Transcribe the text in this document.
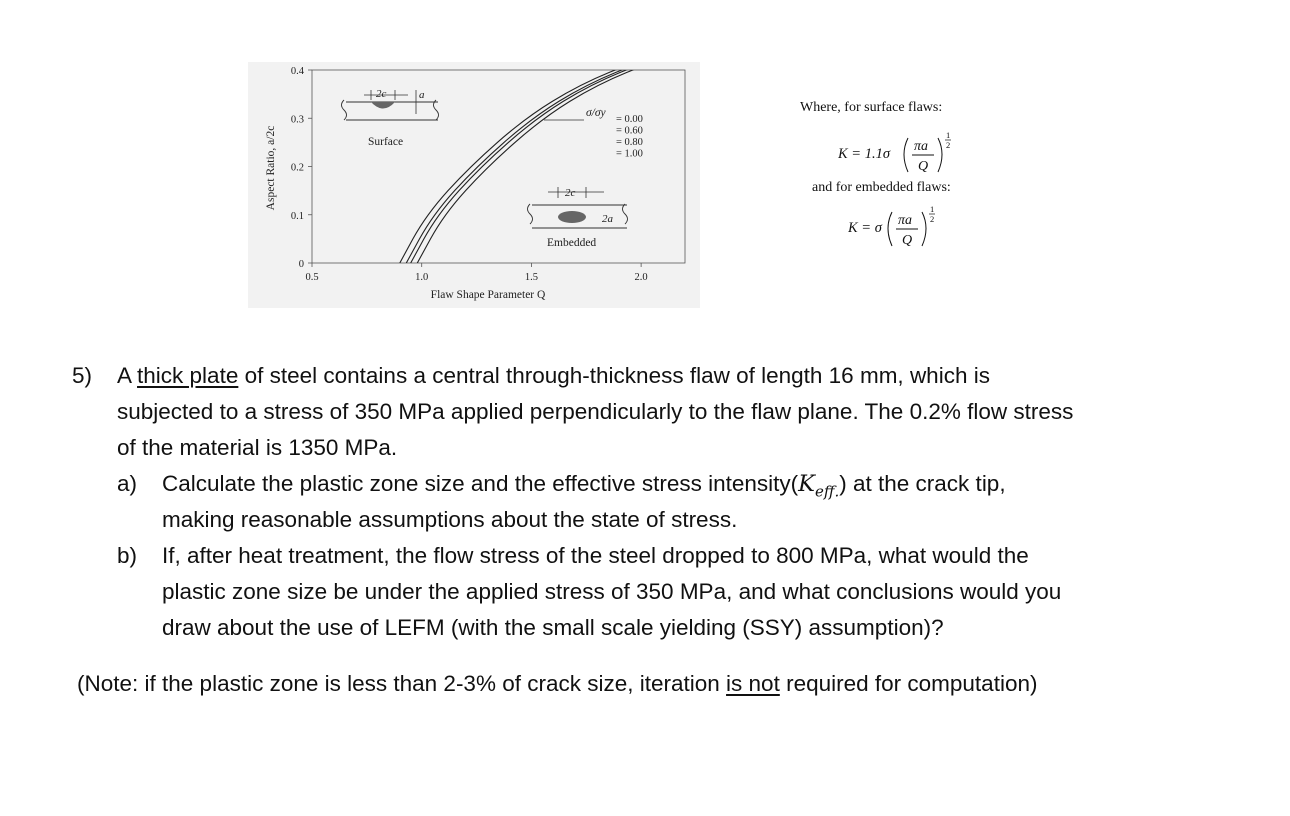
0
0.1
0.2
0.3
0.4
0.5	1.0	1.5	2.0
Aspect Ratio, a/2c
Flaw Shape Parameter Q
2c	a
Surface
2c
2a
Embedded
σ/σy
= 0.00
= 0.60
= 0.80
= 1.00
Where, for surface flaws:
K = 1.1σ πa
Q
1
2
and for embedded flaws:
K = σ πa
Q
1
2
5) A thick plate of steel contains a central through-thickness flaw of length 16 mm, which is
subjected to a stress of 350 MPa applied perpendicularly to the flaw plane. The 0.2% flow stress
of the material is 1350 MPa.
a) Calculate the plastic zone size and the effective stress $intensity(K_{eff.})$ at the crack tip,
making reasonable assumptions about the state of stress.
b) If, after heat treatment, the flow stress of the steel dropped to 800 MPa, what would the
plastic zone size be under the applied stress of 350 MPa, and what conclusions would you
draw about the use of LEFM (with the small scale yielding (SSY) assumption)?
(Note: if the plastic zone is less than 2-3% of crack size, iteration is not required for computation)
